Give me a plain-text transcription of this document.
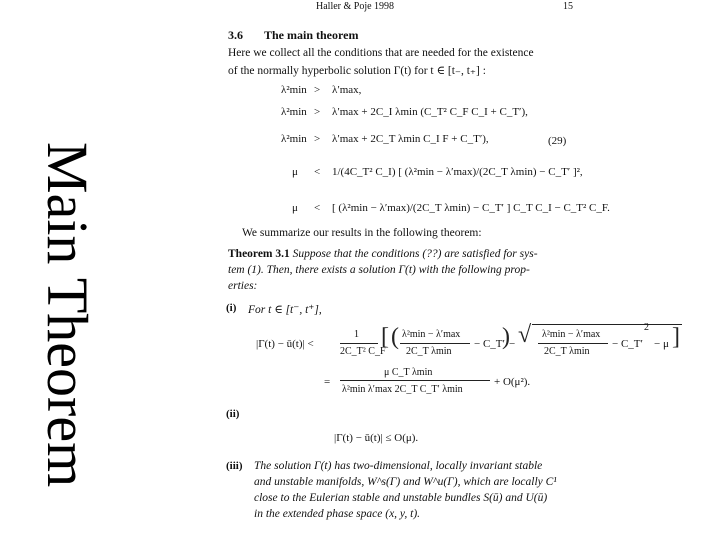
Main Theorem
Haller & Poje 1998	15
3.6 The main theorem
Here we collect all the conditions that are needed for the existence
of the normally hyperbolic solution Γ(t) for t ∈ [t₋, t₊] :
λ²min > λ′max,
λ²min > λ′max + 2C_I λmin (C_T² C_F C_I + C_T′),
λ²min > λ′max + 2C_T λmin C_I F + C_T′),	(29)
μ < 1/(4C_T² C_I) [ (λ²min − λ′max)/(2C_T λmin) − C_T′ ]²,
μ < [ (λ²min − λ′max)/(2C_T λmin) − C_T′ ] C_T C_I − C_T² C_F.
We summarize our results in the following theorem:
Theorem 3.1 Suppose that the conditions (??) are satisfied for sys-
tem (1). Then, there exists a solution Γ(t) with the following prop-
erties:
(i) For t ∈ [t⁻, t⁺],
|Γ(t) − ū(t)| <
1
2C_T² C_F
[ ( λ²min − λ′max
2C_T λmin
− C_T′
) − √ λ²min − λ′max
2C_T λmin
− C_T′
2
− μ ]
=
μ C_T λmin
λ²min λ′max 2C_T C_T′ λmin
+ O(μ²).
(ii)
|Γ(t) − ū(t)| ≤ O(μ).
(iii) The solution Γ(t) has two-dimensional, locally invariant stable
and unstable manifolds, W^s(Γ) and W^u(Γ), which are locally C¹
close to the Eulerian stable and unstable bundles S(ū) and U(ū)
in the extended phase space (x, y, t).
